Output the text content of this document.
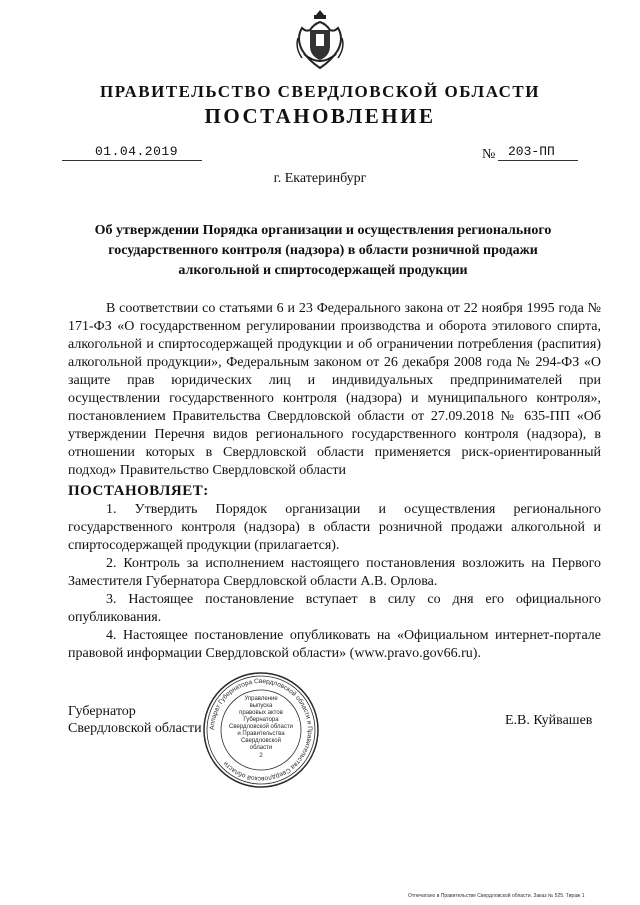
ПРАВИТЕЛЬСТВО СВЕРДЛОВСКОЙ ОБЛАСТИ
ПОСТАНОВЛЕНИЕ
01.04.2019	№ 203-ПП
г. Екатеринбург
Об утверждении Порядка организации и осуществления регионального государственного контроля (надзора) в области розничной продажи алкогольной и спиртосодержащей продукции

В соответствии со статьями 6 и 23 Федерального закона от 22 ноября 1995 года № 171-ФЗ «О государственном регулировании производства и оборота этилового спирта, алкогольной и спиртосодержащей продукции и об ограничении потребления (распития) алкогольной продукции», Федеральным законом от 26 декабря 2008 года № 294-ФЗ «О защите прав юридических лиц и индивидуальных предпринимателей при осуществлении государственного контроля (надзора) и муниципального контроля», постановлением Правительства Свердловской области от 27.09.2018 № 635-ПП «Об утверждении Перечня видов регионального государственного контроля (надзора), в отношении которых в Свердловской области применяется риск-ориентированный подход» Правительство Свердловской области

ПОСТАНОВЛЯЕТ:

1. Утвердить Порядок организации и осуществления регионального государственного контроля (надзора) в области розничной продажи алкогольной и спиртосодержащей продукции (прилагается).

2. Контроль за исполнением настоящего постановления возложить на Первого Заместителя Губернатора Свердловской области А.В. Орлова.

3. Настоящее постановление вступает в силу со дня его официального опубликования.

4. Настоящее постановление опубликовать на «Официальном интернет-портале правовой информации Свердловской области» (www.pravo.gov66.ru).

Губернатор
Свердловской области
Е.В. Куйвашев
Аппарат Губернатора Свердловской области и Правительства Свердловской области
Управление
выпуска
правовых актов
Губернатора
Свердловской области
и Правительства
Свердловской
области
2
Отпечатано в Правительстве Свердловской области. Заказ № 525. Тираж 1
